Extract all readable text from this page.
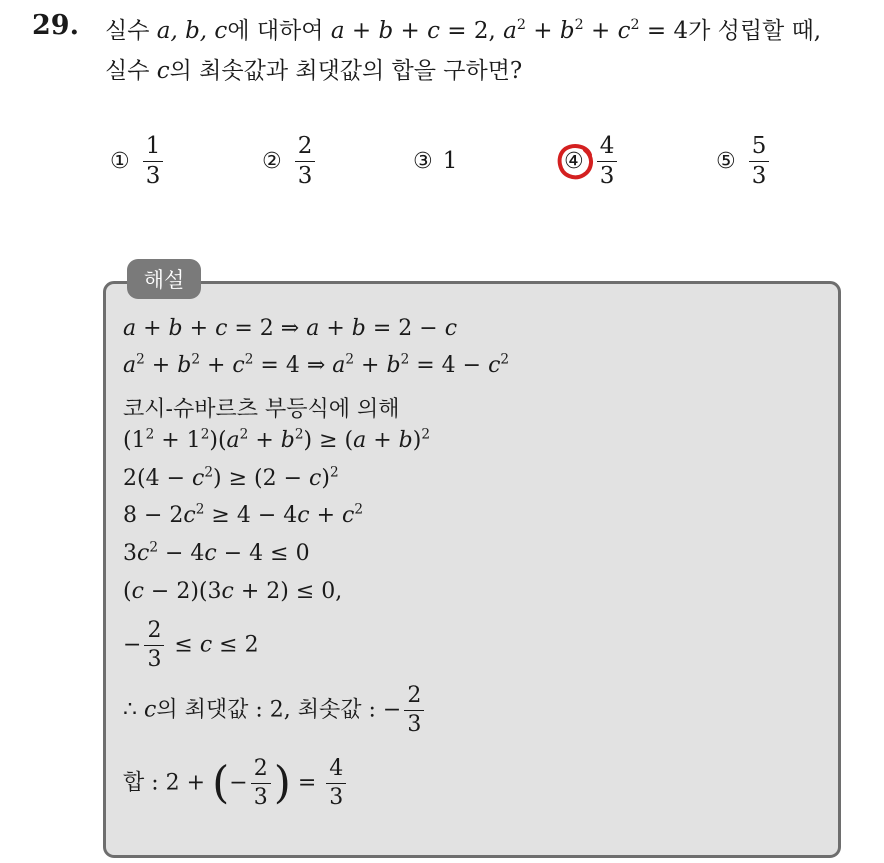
29. 실수 a, b, c에 대하여 a + b + c = 2, $a^2 + b^2 + c^2 = 4$가 성립할 때,
실수 c의 최솟값과 최댓값의 합을 구하면?
① $\frac{1}{3}$	② $\frac{2}{3}$	③ 1	④ $\frac{4}{3}$	⑤ $\frac{5}{3}$
해설
a + b + c = 2 ⇒ a + b = 2 − c
$a^2 + b^2 + c^2 = 4$ ⇒ $a^2 + b^2 = 4 - c^2$
코시-슈바르츠 부등식에 의해
$(1^2 + 1^2)(a^2 + b^2) \ge (a + b)^2$
$2(4 - c^2) \ge (2 - c)^2$
$8 - 2c^2 \ge 4 - 4c + c^2$
$3c^2 - 4c - 4 \le 0$
(c − 2)(3c + 2) ≤ 0,
− $\frac{2}{3} \le c \le 2$
∴ c의 최댓값 : 2, 최솟값 : − $\frac{2}{3}$
합 : 2 + (− $\frac{2}{3}$ ) = $\frac{4}{3}$
